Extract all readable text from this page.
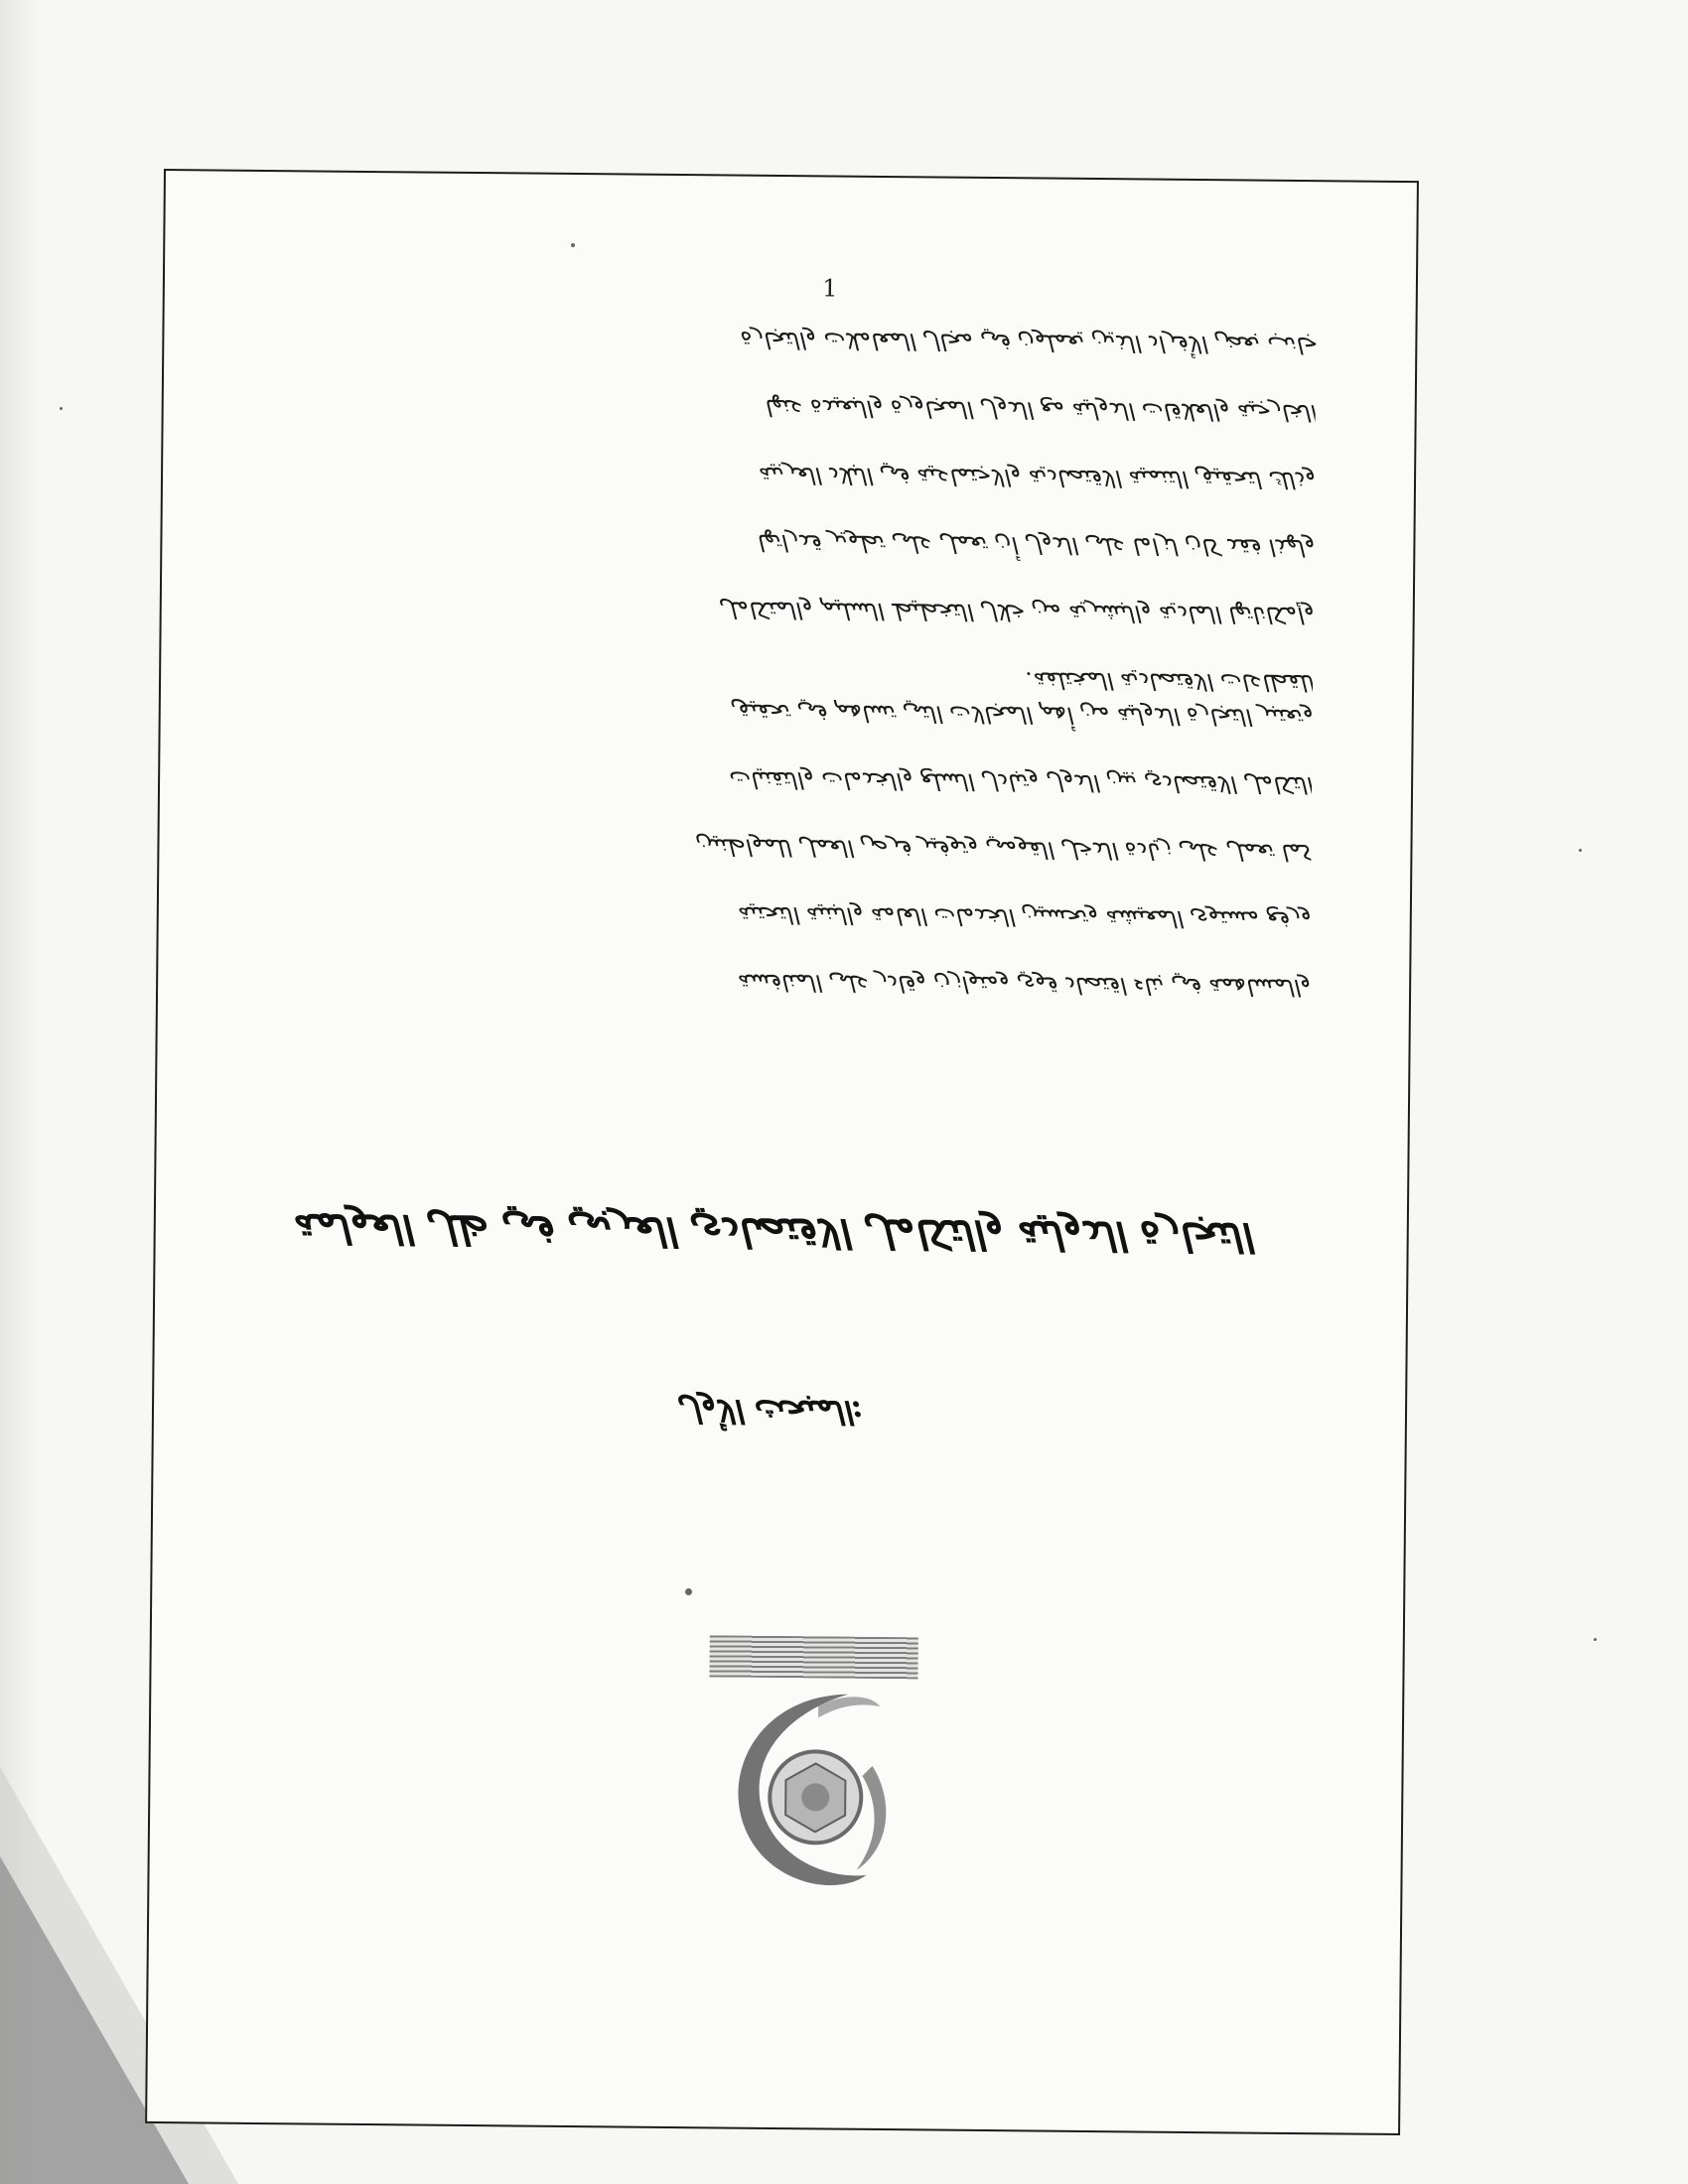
1
ﺟﺎﻧﺐ ﺑﻌﺾ ﺍﻷﻓﺮﺍﺩ ﺍﻟﺬﻳﻦ ﻳﻌﻤﻠﻮﻥ ﻓﻲ ﻣﺠﺎﻝ ﺍﻟﻤﻌﺎﻣﻼﺕ ﻭﺍﻟﺘﺠﺎﺭﺓ
ﺍﻟﺨﺎﺭﺟﻴﺔ ﻭﺍﻟﻌﻼﻗﺎﺕ ﺍﻟﺪﻭﻟﻴﺔ ﻣﻊ ﺍﻟﺪﻭﻝ ﺍﻟﻤﺠﺎﻭﺭﺓ ﻭﺍﻟﺒﻌﻴﺪﺓ ﻋﻨﻬﺎ
ﻭﺫﻟﻚ ﻟﺘﺤﻘﻴﻖ ﺍﻟﺘﻨﻤﻴﺔ ﺍﻻﻗﺘﺼﺎﺩﻳﺔ ﻭﺍﻻﺟﺘﻤﺎﻋﻴﺔ ﻓﻲ ﺍﻟﺒﻼﺩ ﺍﻟﻌﺮﺑﻴﺔ
ﻭﻟﻬﺬﺍ ﻓﻘﺪ ﻛﺎﻥ ﻟﺰﺍﻣﺎ ﻋﻠﻰ ﺍﻟﺪﻭﻝ ﺃﻥ ﺗﻌﻤﻞ ﻋﻠﻰ ﺗﻄﻮﻳﺮ ﻗﺪﺭﺍﺗﻬﺎ
ﻭﺇﻣﻜﺎﻧﺎﺗﻬﺎ ﺍﻟﻤﺎﺩﻳﺔ ﻭﺍﻟﺒﺸﺮﻳﺔ ﻣﻦ ﺧﻼﻝ ﺍﻟﺘﺨﻄﻴﻂ ﺍﻟﺴﻠﻴﻢ ﻭﺍﻟﻤﺘﻜﺎﻣﻞ
ﻟﻠﻘﻄﺎﻋﺎﺕ ﺍﻻﻗﺘﺼﺎﺩﻳﺔ ﺍﻟﻤﺨﺘﻠﻔﺔ.
ﻭﺗﻌﺘﺒﺮ ﺍﻟﺘﺠﺎﺭﺓ ﺍﻟﺪﻭﻟﻴﺔ ﻣﻦ ﺃﻫﻢ ﺍﻟﻤﺠﺎﻻﺕ ﺍﻟﺘﻲ ﺗﺴﺎﻫﻢ ﻓﻲ ﺗﺤﻘﻴﻖ
ﺍﻟﺘﻜﺎﻣﻞ ﺍﻻﻗﺘﺼﺎﺩﻱ ﺑﻴﻦ ﺍﻟﺪﻭﻝ ﻭﺗﺒﺎﺩﻝ ﺍﻟﺴﻠﻊ ﻭﺍﻟﺨﺪﻣﺎﺕ ﻭﺍﻟﺘﻘﻨﻴﺎﺕ
ﻛﻤﺎ ﺗﻌﻤﻞ ﻋﻠﻰ ﺯﻳﺎﺩﺓ ﺍﻟﺪﺧﻞ ﺍﻟﻘﻮﻣﻲ ﻭﺗﻮﻓﻴﺮ ﻓﺮﺹ ﺍﻟﻌﻤﻞ ﻟﻠﻤﻮﺍﻃﻨﻴﻦ
ﻭﺭﻓﻊ ﻣﺴﺘﻮﻯ ﺍﻟﻤﻌﻴﺸﺔ ﻭﺗﺤﺴﻴﻦ ﺍﻟﺨﺪﻣﺎﺕ ﺍﻟﻌﺎﻣﺔ ﻭﺍﻟﺒﻨﻴﺔ ﺍﻟﺘﺤﺘﻴﺔ
ﻭﺍﻟﻤﺴﺎﻫﻤﺔ ﻓﻲ ﺑﻨﺎﺀ ﺍﻗﺘﺼﺎﺩ ﻗﻮﻱ ﻭﻣﺘﻮﺍﺯﻥ ﻭﻗﺎﺩﺭ ﻋﻠﻰ ﺍﻟﻤﻨﺎﻓﺴﺔ
ﺍﻟﺘﺠﺎﺭﺓ ﺍﻟﺪﻭﻟﻴﺔ ﻭﺍﻟﺘﻜﺎﻣﻞ ﺍﻻﻗﺘﺼﺎﺩﻱ ﺍﻟﻌﺮﺑﻲ ﻓﻲ ﻇﻞ ﺍﻟﻌﻮﻟﻤﺔ
:ﺍﻟﻤﺒﺤﺚ ﺍﻷﻭﻝ
